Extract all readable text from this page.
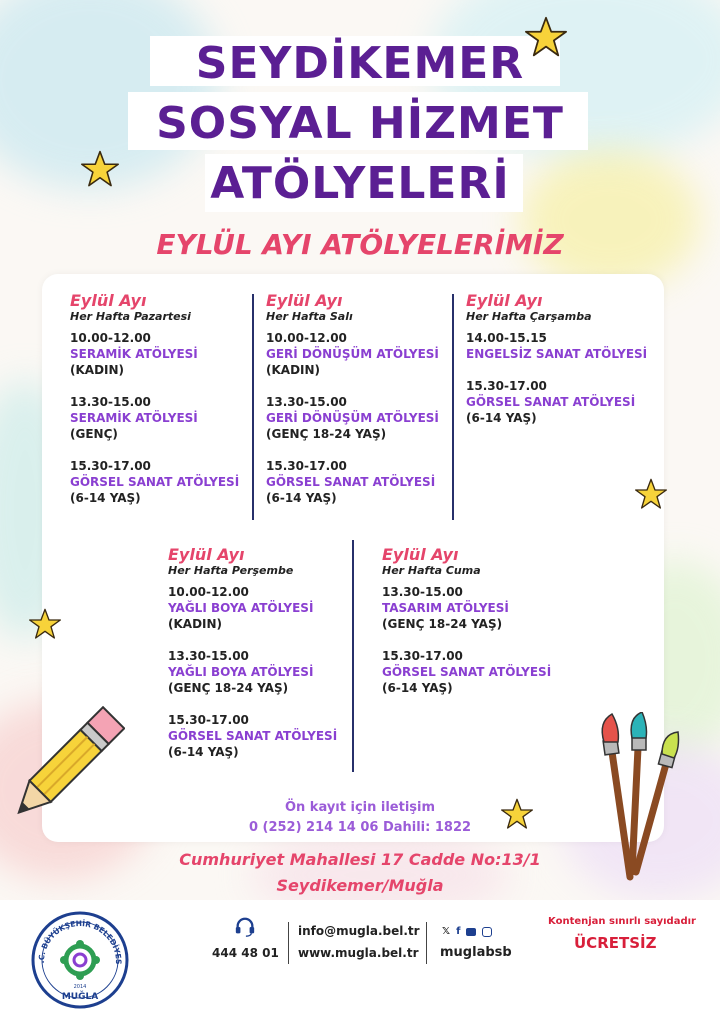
SEYDİKEMER
SOSYAL HİZMET
ATÖLYELERİ
EYLÜL AYI ATÖLYELERİMİZ
Eylül Ayı
Her Hafta Pazartesi
10.00-12.00
SERAMİK ATÖLYESİ
(KADIN)
13.30-15.00
SERAMİK ATÖLYESİ
(GENÇ)
15.30-17.00
GÖRSEL SANAT ATÖLYESİ
(6-14 YAŞ)
Eylül Ayı
Her Hafta Salı
10.00-12.00
GERİ DÖNÜŞÜM ATÖLYESİ
(KADIN)
13.30-15.00
GERİ DÖNÜŞÜM ATÖLYESİ
(GENÇ 18-24 YAŞ)
15.30-17.00
GÖRSEL SANAT ATÖLYESİ
(6-14 YAŞ)
Eylül Ayı
Her Hafta Çarşamba
14.00-15.15
ENGELSİZ SANAT ATÖLYESİ
15.30-17.00
GÖRSEL SANAT ATÖLYESİ
(6-14 YAŞ)
Eylül Ayı
Her Hafta Perşembe
10.00-12.00
YAĞLI BOYA ATÖLYESİ
(KADIN)
13.30-15.00
YAĞLI BOYA ATÖLYESİ
(GENÇ 18-24 YAŞ)
15.30-17.00
GÖRSEL SANAT ATÖLYESİ
(6-14 YAŞ)
Eylül Ayı
Her Hafta Cuma
13.30-15.00
TASARIM ATÖLYESİ
(GENÇ 18-24 YAŞ)
15.30-17.00
GÖRSEL SANAT ATÖLYESİ
(6-14 YAŞ)
Ön kayıt için iletişim
0 (252) 214 14 06 Dahili: 1822
Cumhuriyet Mahallesi 17 Cadde No:13/1
Seydikemer/Muğla
.C. BÜYÜKŞEHİR BELEDİYES
2014
MUĞLA
444 48 01
info@mugla.bel.tr
www.mugla.bel.tr
𝕏 f
muglabsb
Kontenjan sınırlı sayıdadır
ÜCRETSİZ
